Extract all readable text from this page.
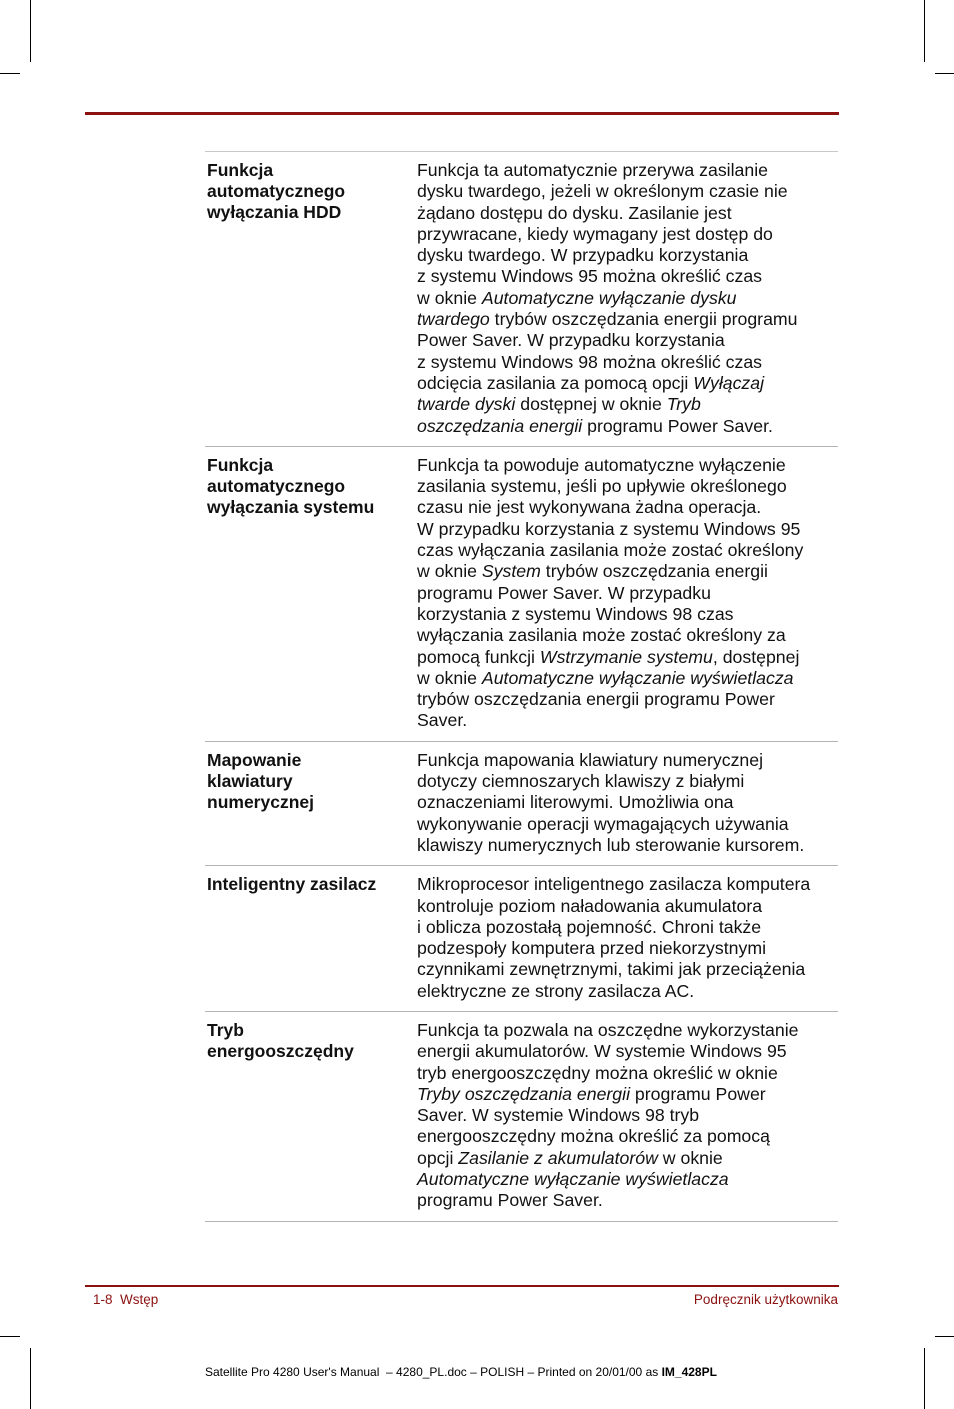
Funkcja
automatycznego
wyłączania HDD
Funkcja ta automatycznie przerywa zasilanie
dysku twardego, jeżeli w określonym czasie nie
żądano dostępu do dysku. Zasilanie jest
przywracane, kiedy wymagany jest dostęp do
dysku twardego. W przypadku korzystania
z systemu Windows 95 można określić czas
w oknie Automatyczne wyłączanie dysku
twardego trybów oszczędzania energii programu
Power Saver. W przypadku korzystania
z systemu Windows 98 można określić czas
odcięcia zasilania za pomocą opcji Wyłączaj
twarde dyski dostępnej w oknie Tryb
oszczędzania energii programu Power Saver.
Funkcja
automatycznego
wyłączania systemu
Funkcja ta powoduje automatyczne wyłączenie
zasilania systemu, jeśli po upływie określonego
czasu nie jest wykonywana żadna operacja.
W przypadku korzystania z systemu Windows 95
czas wyłączania zasilania może zostać określony
w oknie System trybów oszczędzania energii
programu Power Saver. W przypadku
korzystania z systemu Windows 98 czas
wyłączania zasilania może zostać określony za
pomocą funkcji Wstrzymanie systemu, dostępnej
w oknie Automatyczne wyłączanie wyświetlacza
trybów oszczędzania energii programu Power
Saver.
Mapowanie
klawiatury
numerycznej
Funkcja mapowania klawiatury numerycznej
dotyczy ciemnoszarych klawiszy z białymi
oznaczeniami literowymi. Umożliwia ona
wykonywanie operacji wymagających używania
klawiszy numerycznych lub sterowanie kursorem.
Inteligentny zasilacz	Mikroprocesor inteligentnego zasilacza komputera
kontroluje poziom naładowania akumulatora
i oblicza pozostałą pojemność. Chroni także
podzespoły komputera przed niekorzystnymi
czynnikami zewnętrznymi, takimi jak przeciążenia
elektryczne ze strony zasilacza AC.
Tryb
energooszczędny
Funkcja ta pozwala na oszczędne wykorzystanie
energii akumulatorów. W systemie Windows 95
tryb energooszczędny można określić w oknie
Tryby oszczędzania energii programu Power
Saver. W systemie Windows 98 tryb
energooszczędny można określić za pomocą
opcji Zasilanie z akumulatorów w oknie
Automatyczne wyłączanie wyświetlacza
programu Power Saver.
1-8  Wstęp	Podręcznik użytkownika
Satellite Pro 4280 User's Manual  – 4280_PL.doc – POLISH – Printed on 20/01/00 as IM_428PL
